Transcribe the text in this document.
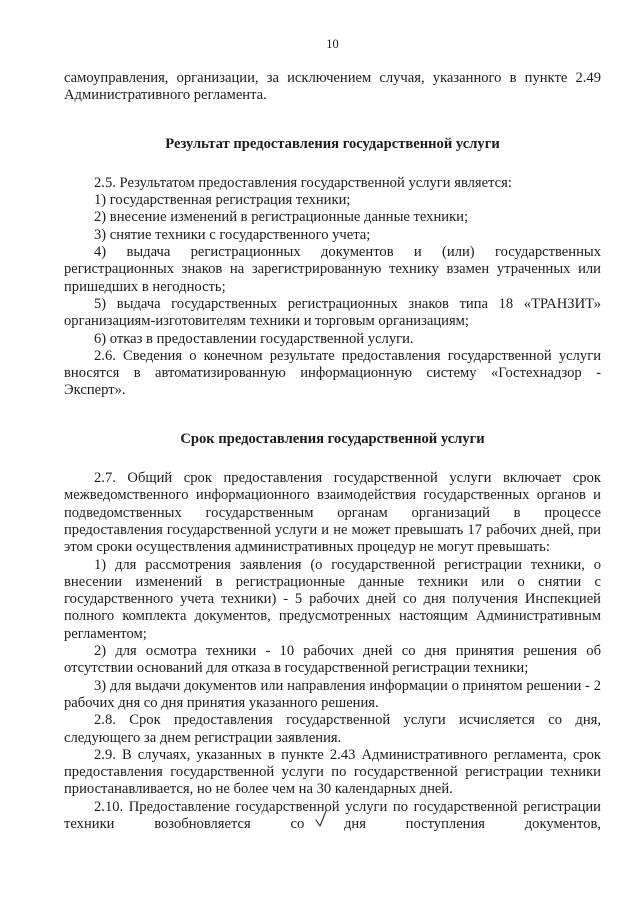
10

самоуправления, организации, за исключением случая, указанного в пункте 2.49 Административного регламента.

Результат предоставления государственной услуги

2.5. Результатом предоставления государственной услуги является:

1) государственная регистрация техники;

2) внесение изменений в регистрационные данные техники;

3) снятие техники с государственного учета;

4) выдача регистрационных документов и (или) государственных регистрационных знаков на зарегистрированную технику взамен утраченных или пришедших в негодность;

5) выдача государственных регистрационных знаков типа 18 «ТРАНЗИТ» организациям-изготовителям техники и торговым организациям;

6) отказ в предоставлении государственной услуги.

2.6. Сведения о конечном результате предоставления государственной услуги вносятся в автоматизированную информационную систему «Гостехнадзор - Эксперт».

Срок предоставления государственной услуги

2.7. Общий срок предоставления государственной услуги включает срок межведомственного информационного взаимодействия государственных органов и подведомственных государственным органам организаций в процессе предоставления государственной услуги и не может превышать 17 рабочих дней, при этом сроки осуществления административных процедур не могут превышать:

1) для рассмотрения заявления (о государственной регистрации техники, о внесении изменений в регистрационные данные техники или о снятии с государственного учета техники) - 5 рабочих дней со дня получения Инспекцией полного комплекта документов, предусмотренных настоящим Административным регламентом;

2) для осмотра техники - 10 рабочих дней со дня принятия решения об отсутствии оснований для отказа в государственной регистрации техники;

3) для выдачи документов или направления информации о принятом решении - 2 рабочих дня со дня принятия указанного решения.

2.8. Срок предоставления государственной услуги исчисляется со дня, следующего за днем регистрации заявления.

2.9. В случаях, указанных в пункте 2.43 Административного регламента, срок предоставления государственной услуги по государственной регистрации техники приостанавливается, но не более чем на 30 календарных дней.

2.10. Предоставление государственной услуги по государственной регистрации техники возобновляется со дня поступления документов,
